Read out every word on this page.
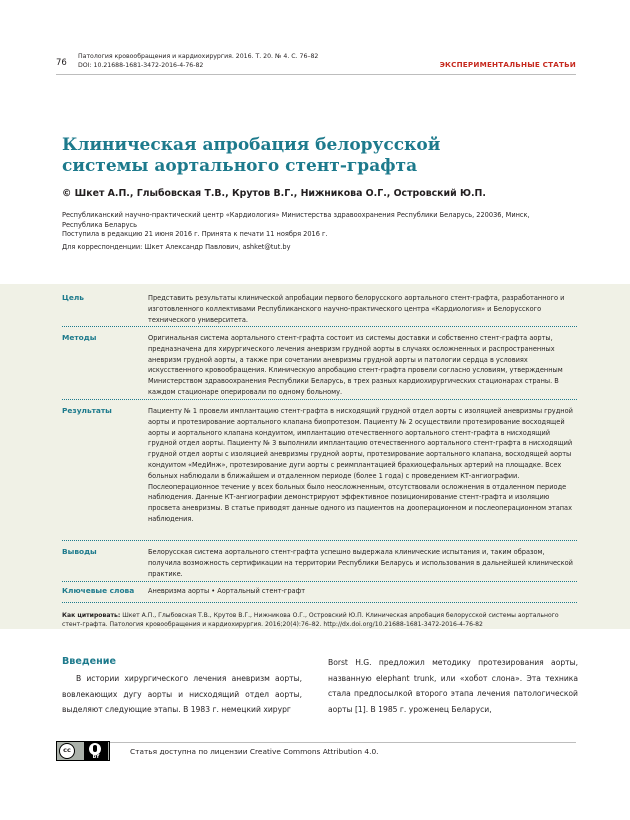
76
Патология кровообращения и кардиохирургия. 2016. Т. 20. № 4. С. 76–82
DOI: 10.21688-1681-3472-2016-4-76-82	ЭКСПЕРИМЕНТАЛЬНЫЕ СТАТЬИ
Клиническая апробация белорусской системы аортального стент-графта
© Шкет А.П., Глыбовская Т.В., Крутов В.Г., Нижникова О.Г., Островский Ю.П.
Республиканский научно-практический центр «Кардиология» Министерства здравоохранения Республики Беларусь, 220036, Минск, Республика Беларусь
Поступила в редакцию 21 июня 2016 г. Принята к печати 11 ноября 2016 г.
Для корреспонденции: Шкет Александр Павлович, ashket@tut.by
Цель	Представить результаты клинической апробации первого белорусского аортального стент-графта, разработанного и изготовленного коллективами Республиканского научно-практического центра «Кардиология» и Белорусского технического университета.
Методы	Оригинальная система аортального стент-графта состоит из системы доставки и собственно стент-графта аорты, предназначена для хирургического лечения аневризм грудной аорты в случаях осложненных и распространенных аневризм грудной аорты, а также при сочетании аневризмы грудной аорты и патологии сердца в условиях искусственного кровообращения. Клиническую апробацию стент-графта провели согласно условиям, утвержденным Министерством здравоохранения Республики Беларусь, в трех разных кардиохирургических стационарах страны. В каждом стационаре оперировали по одному больному.
Результаты	Пациенту № 1 провели имплантацию стент-графта в нисходящий грудной отдел аорты с изоляцией аневризмы грудной аорты и протезирование аортального клапана биопротезом. Пациенту № 2 осуществили протезирование восходящей аорты и аортального клапана кондуитом, имплантацию отечественного аортального стент-графта в нисходящий грудной отдел аорты. Пациенту № 3 выполнили имплантацию отечественного аортального стент-графта в нисходящий грудной отдел аорты с изоляцией аневризмы грудной аорты, протезирование аортального клапана, восходящей аорты кондуитом «МедИнж», протезирование дуги аорты с реимплантацией брахиоцефальных артерий на площадке. Всех больных наблюдали в ближайшем и отдаленном периоде (более 1 года) с проведением КТ-ангиографии. Послеоперационное течение у всех больных было неосложненным, отсутствовали осложнения в отдаленном периоде наблюдения. Данные КТ-ангиографии демонстрируют эффективное позиционирование стент-графта и изоляцию просвета аневризмы. В статье приводят данные одного из пациентов на дооперационном и послеоперационном этапах наблюдения.
Выводы	Белорусская система аортального стент-графта успешно выдержала клинические испытания и, таким образом, получила возможность сертификации на территории Республики Беларусь и использования в дальнейшей клинической практике.
Ключевые слова	Аневризма аорты • Аортальный стент-графт
Как цитировать: Шкет А.П., Глыбовская Т.В., Крутов В.Г., Нижникова О.Г., Островский Ю.П. Клиническая апробация белорусской системы аортального стент-графта. Патология кровообращения и кардиохирургия. 2016;20(4):76–82. http://dx.doi.org/10.21688-1681-3472-2016-4-76-82
Введение

В истории хирургического лечения аневризм аорты, вовлекающих дугу аорты и нисходящий отдел аорты, выделяют следующие этапы. В 1983 г. немецкий хирург

Borst H.G. предложил методику протезирования аорты, названную elephant trunk, или «хобот слона». Эта техника стала предпосылкой второго этапа лечения патологической аорты [1]. В 1985 г. уроженец Беларуси,

cc
BY
Статья доступна по лицензии Creative Commons Attribution 4.0.
